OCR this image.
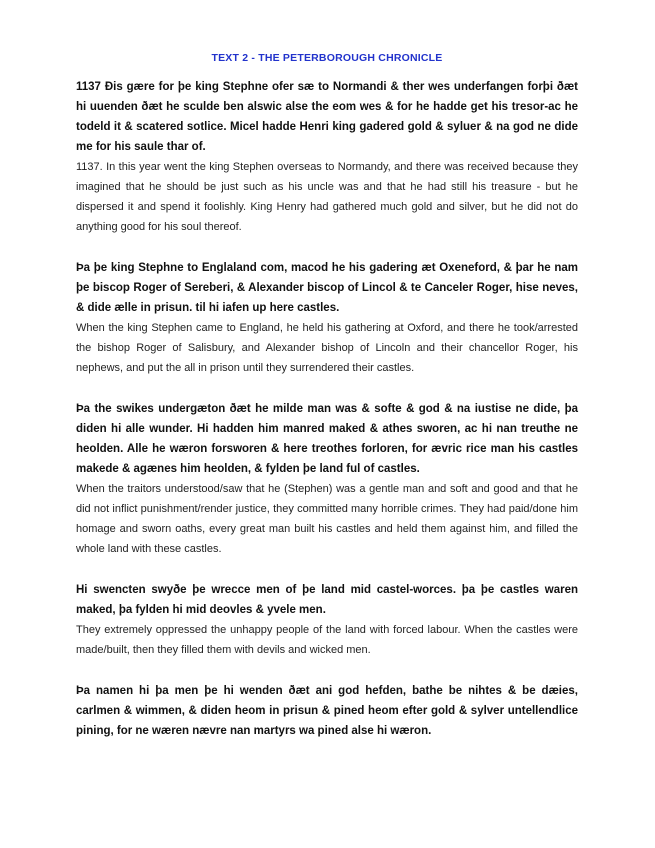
TEXT 2 - THE PETERBOROUGH CHRONICLE

1137 Ðis gære for þe king Stephne ofer sæ to Normandi & ther wes underfangen forþi ðæt hi uuenden ðæt he sculde ben alswic alse the eom wes & for he hadde get his tresor-ac he todeld it & scatered sotlice. Micel hadde Henri king gadered gold & syluer & na god ne dide me for his saule thar of.

1137. In this year went the king Stephen overseas to Normandy, and there was received because they imagined that he should be just such as his uncle was and that he had still his treasure - but he dispersed it and spend it foolishly. King Henry had gathered much gold and silver, but he did not do anything good for his soul thereof.

Þa þe king Stephne to Englaland com, macod he his gadering æt Oxeneford, & þar he nam þe biscop Roger of Sereberi, & Alexander biscop of Lincol & te Canceler Roger, hise neves, & dide ælle in prisun. til hi iafen up here castles.

When the king Stephen came to England, he held his gathering at Oxford, and there he took/arrested the bishop Roger of Salisbury, and Alexander bishop of Lincoln and their chancellor Roger, his nephews, and put the all in prison until they surrendered their castles.

Þa the swikes undergæton ðæt he milde man was & softe & god & na iustise ne dide, þa diden hi alle wunder. Hi hadden him manred maked & athes sworen, ac hi nan treuthe ne heolden. Alle he wæron forsworen & here treothes forloren, for ævric rice man his castles makede & agænes him heolden, & fylden þe land ful of castles.

When the traitors understood/saw that he (Stephen) was a gentle man and soft and good and that he did not inflict punishment/render justice, they committed many horrible crimes. They had paid/done him homage and sworn oaths, every great man built his castles and held them against him, and filled the whole land with these castles.

Hi swencten swyðe þe wrecce men of þe land mid castel-worces. þa þe castles waren maked, þa fylden hi mid deovles & yvele men.

They extremely oppressed the unhappy people of the land with forced labour. When the castles were made/built, then they filled them with devils and wicked men.

Þa namen hi þa men þe hi wenden ðæt ani god hefden, bathe be nihtes & be dæies, carlmen & wimmen, & diden heom in prisun & pined heom efter gold & sylver untellendlice pining, for ne wæren nævre nan martyrs wa pined alse hi wæron.
